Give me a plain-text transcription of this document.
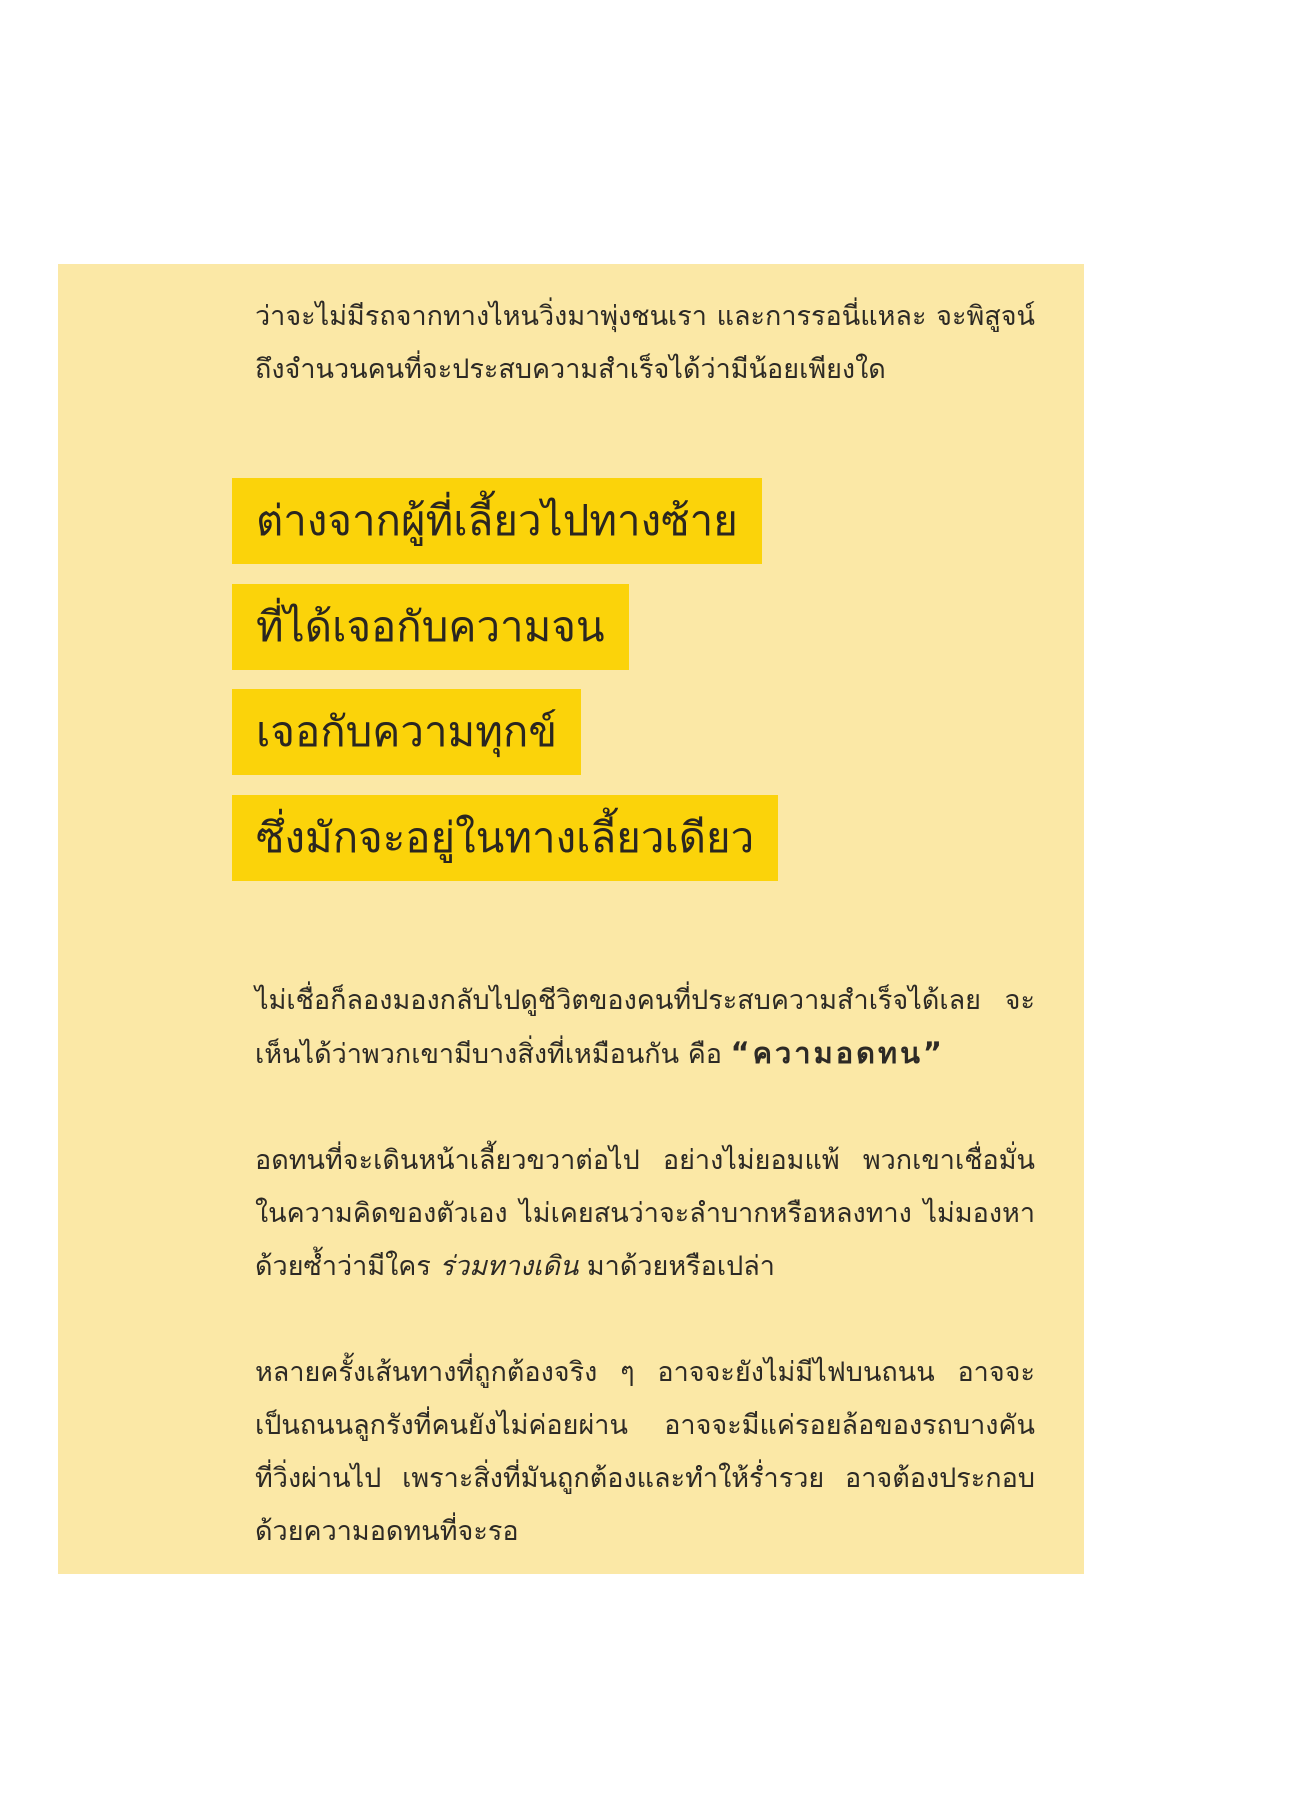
ว่าจะไม่มีรถจากทางไหนวิ่งมาพุ่งชนเรา และการรอนี่แหละ จะพิสูจน์
ถึงจำนวนคนที่จะประสบความสำเร็จได้ว่ามีน้อยเพียงใด

ต่างจากผู้ที่เลี้ยวไปทางซ้าย
ที่ได้เจอกับความจน
เจอกับความทุกข์
ซึ่งมักจะอยู่ในทางเลี้ยวเดียว

ไม่เชื่อก็ลองมองกลับไปดูชีวิตของคนที่ประสบความสำเร็จได้เลย จะ
เห็นได้ว่าพวกเขามีบางสิ่งที่เหมือนกัน คือ “ความอดทน”

อดทนที่จะเดินหน้าเลี้ยวขวาต่อไป อย่างไม่ยอมแพ้ พวกเขาเชื่อมั่น
ในความคิดของตัวเอง ไม่เคยสนว่าจะลำบากหรือหลงทาง ไม่มองหา
ด้วยซ้ำว่ามีใคร ร่วมทางเดิน มาด้วยหรือเปล่า

หลายครั้งเส้นทางที่ถูกต้องจริง ๆ อาจจะยังไม่มีไฟบนถนน อาจจะ
เป็นถนนลูกรังที่คนยังไม่ค่อยผ่าน อาจจะมีแค่รอยล้อของรถบางคัน
ที่วิ่งผ่านไป เพราะสิ่งที่มันถูกต้องและทำให้ร่ำรวย อาจต้องประกอบ
ด้วยความอดทนที่จะรอ
